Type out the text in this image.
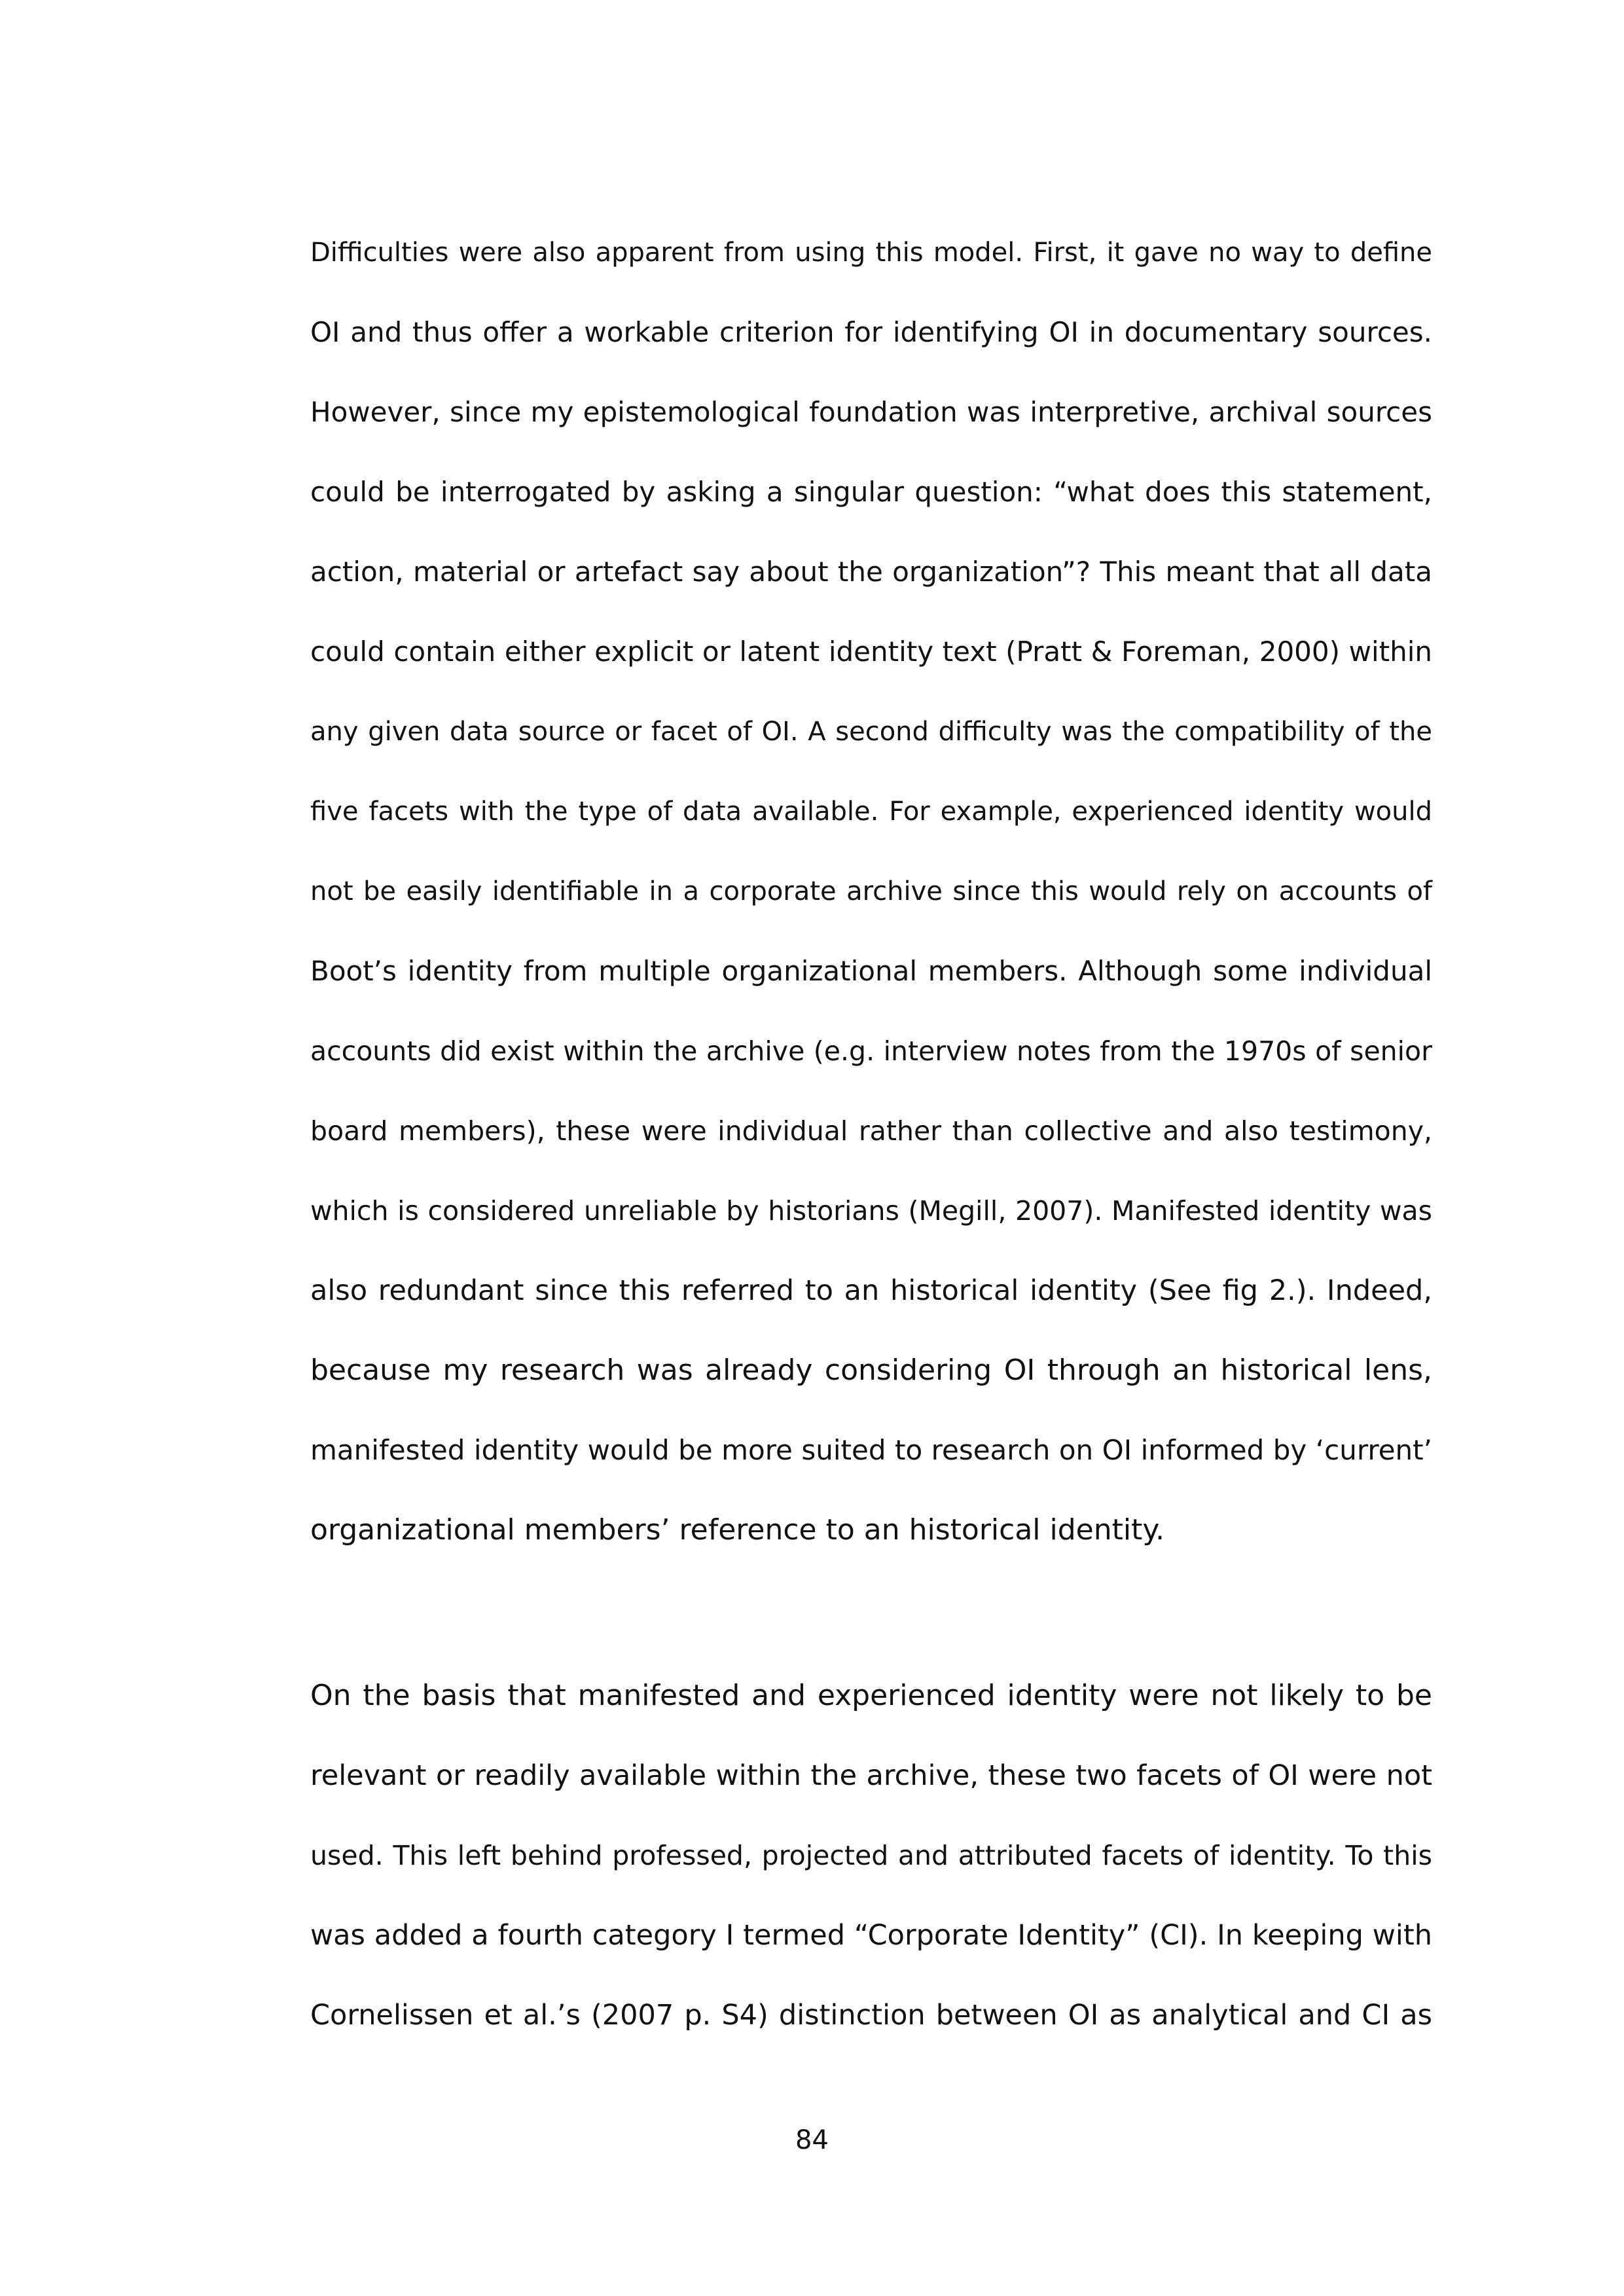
Difficulties were also apparent from using this model. First, it gave no way to define
OI and thus offer a workable criterion for identifying OI in documentary sources.
However, since my epistemological foundation was interpretive, archival sources
could be interrogated by asking a singular question: “what does this statement,
action, material or artefact say about the organization”? This meant that all data
could contain either explicit or latent identity text (Pratt & Foreman, 2000) within
any given data source or facet of OI. A second difficulty was the compatibility of the
five facets with the type of data available. For example, experienced identity would
not be easily identifiable in a corporate archive since this would rely on accounts of
Boot’s identity from multiple organizational members. Although some individual
accounts did exist within the archive (e.g. interview notes from the 1970s of senior
board members), these were individual rather than collective and also testimony,
which is considered unreliable by historians (Megill, 2007). Manifested identity was
also redundant since this referred to an historical identity (See fig 2.). Indeed,
because my research was already considering OI through an historical lens,
manifested identity would be more suited to research on OI informed by ‘current’
organizational members’ reference to an historical identity.
On the basis that manifested and experienced identity were not likely to be
relevant or readily available within the archive, these two facets of OI were not
used. This left behind professed, projected and attributed facets of identity. To this
was added a fourth category I termed “Corporate Identity” (CI). In keeping with
Cornelissen et al.’s (2007 p. S4) distinction between OI as analytical and CI as
84
